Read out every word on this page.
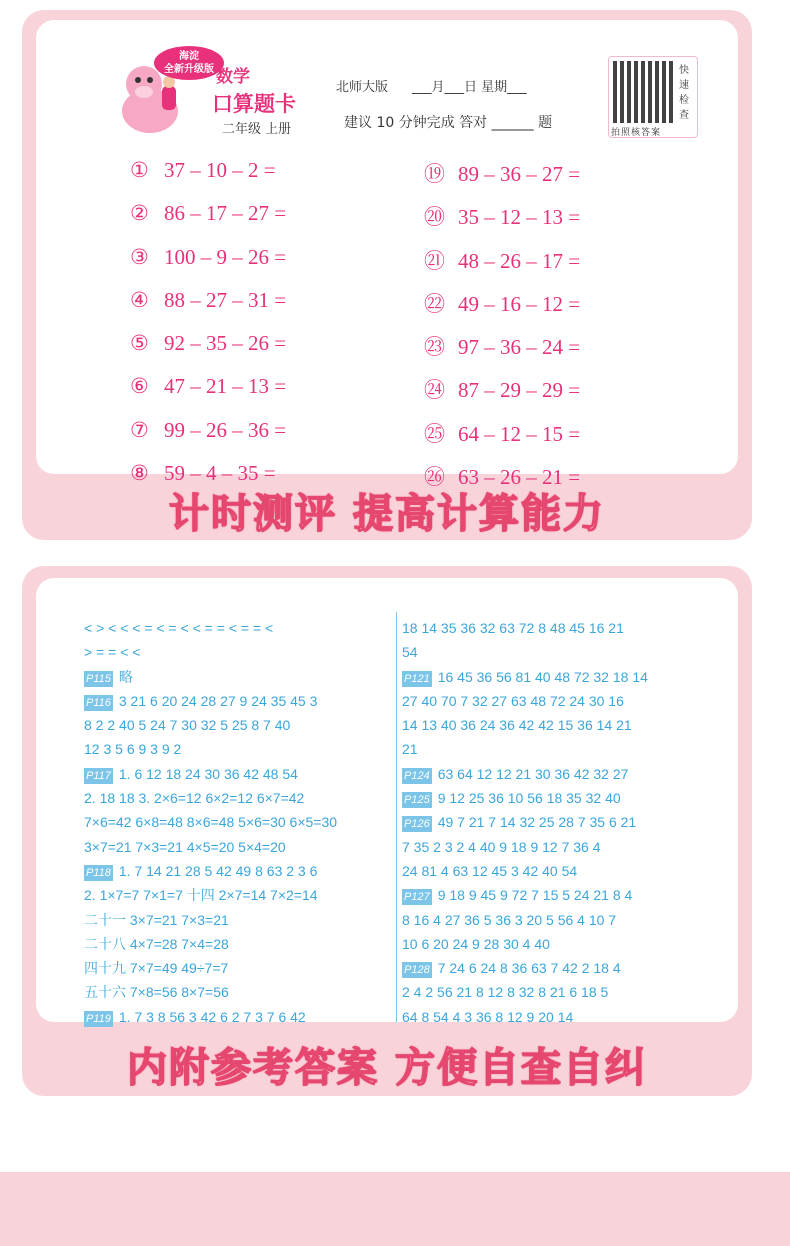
海淀
全新升级版 数学
口算题卡
二年级 上册
北师大版 ___月___日 星期___
建议 10 分钟完成 答对 ______ 题
快速检查
拍照核答案
① 37 – 10 – 2 =
② 86 – 17 – 27 =
③ 100 – 9 – 26 =
④ 88 – 27 – 31 =
⑤ 92 – 35 – 26 =
⑥ 47 – 21 – 13 =
⑦ 99 – 26 – 36 =
⑧ 59 – 4 – 35 =
⑲ 89 – 36 – 27 =
⑳ 35 – 12 – 13 =
㉑ 48 – 26 – 17 =
㉒ 49 – 16 – 12 =
㉓ 97 – 36 – 24 =
㉔ 87 – 29 – 29 =
㉕ 64 – 12 – 15 =
㉖ 63 – 26 – 21 =
计时测评 提高计算能力
< > < < < = < = < < = = < = = <
> = = < <
P115 略
P116 3 21 6 20 24 28 27 9 24 35 45 3
8 2 2 40 5 24 7 30 32 5 25 8 7 40
12 3 5 6 9 3 9 2
P117 1. 6 12 18 24 30 36 42 48 54
2. 18 18 3. 2×6=12 6×2=12 6×7=42
7×6=42 6×8=48 8×6=48 5×6=30 6×5=30
3×7=21 7×3=21 4×5=20 5×4=20
P118 1. 7 14 21 28 5 42 49 8 63 2 3 6
2. 1×7=7 7×1=7 十四 2×7=14 7×2=14
二十一 3×7=21 7×3=21
二十八 4×7=28 7×4=28
四十九 7×7=49 49÷7=7
五十六 7×8=56 8×7=56
P119 1. 7 3 8 56 3 42 6 2 7 3 7 6 42
18 14 35 36 32 63 72 8 48 45 16 21
54
P121 16 45 36 56 81 40 48 72 32 18 14
27 40 70 7 32 27 63 48 72 24 30 16
14 13 40 36 24 36 42 42 15 36 14 21
21
P124 63 64 12 12 21 30 36 42 32 27
P125 9 12 25 36 10 56 18 35 32 40
P126 49 7 21 7 14 32 25 28 7 35 6 21
7 35 2 3 2 4 40 9 18 9 12 7 36 4
24 81 4 63 12 45 3 42 40 54
P127 9 18 9 45 9 72 7 15 5 24 21 8 4
8 16 4 27 36 5 36 3 20 5 56 4 10 7
10 6 20 24 9 28 30 4 40
P128 7 24 6 24 8 36 63 7 42 2 18 4
2 4 2 56 21 8 12 8 32 8 21 6 18 5
64 8 54 4 3 36 8 12 9 20 14
内附参考答案 方便自查自纠
